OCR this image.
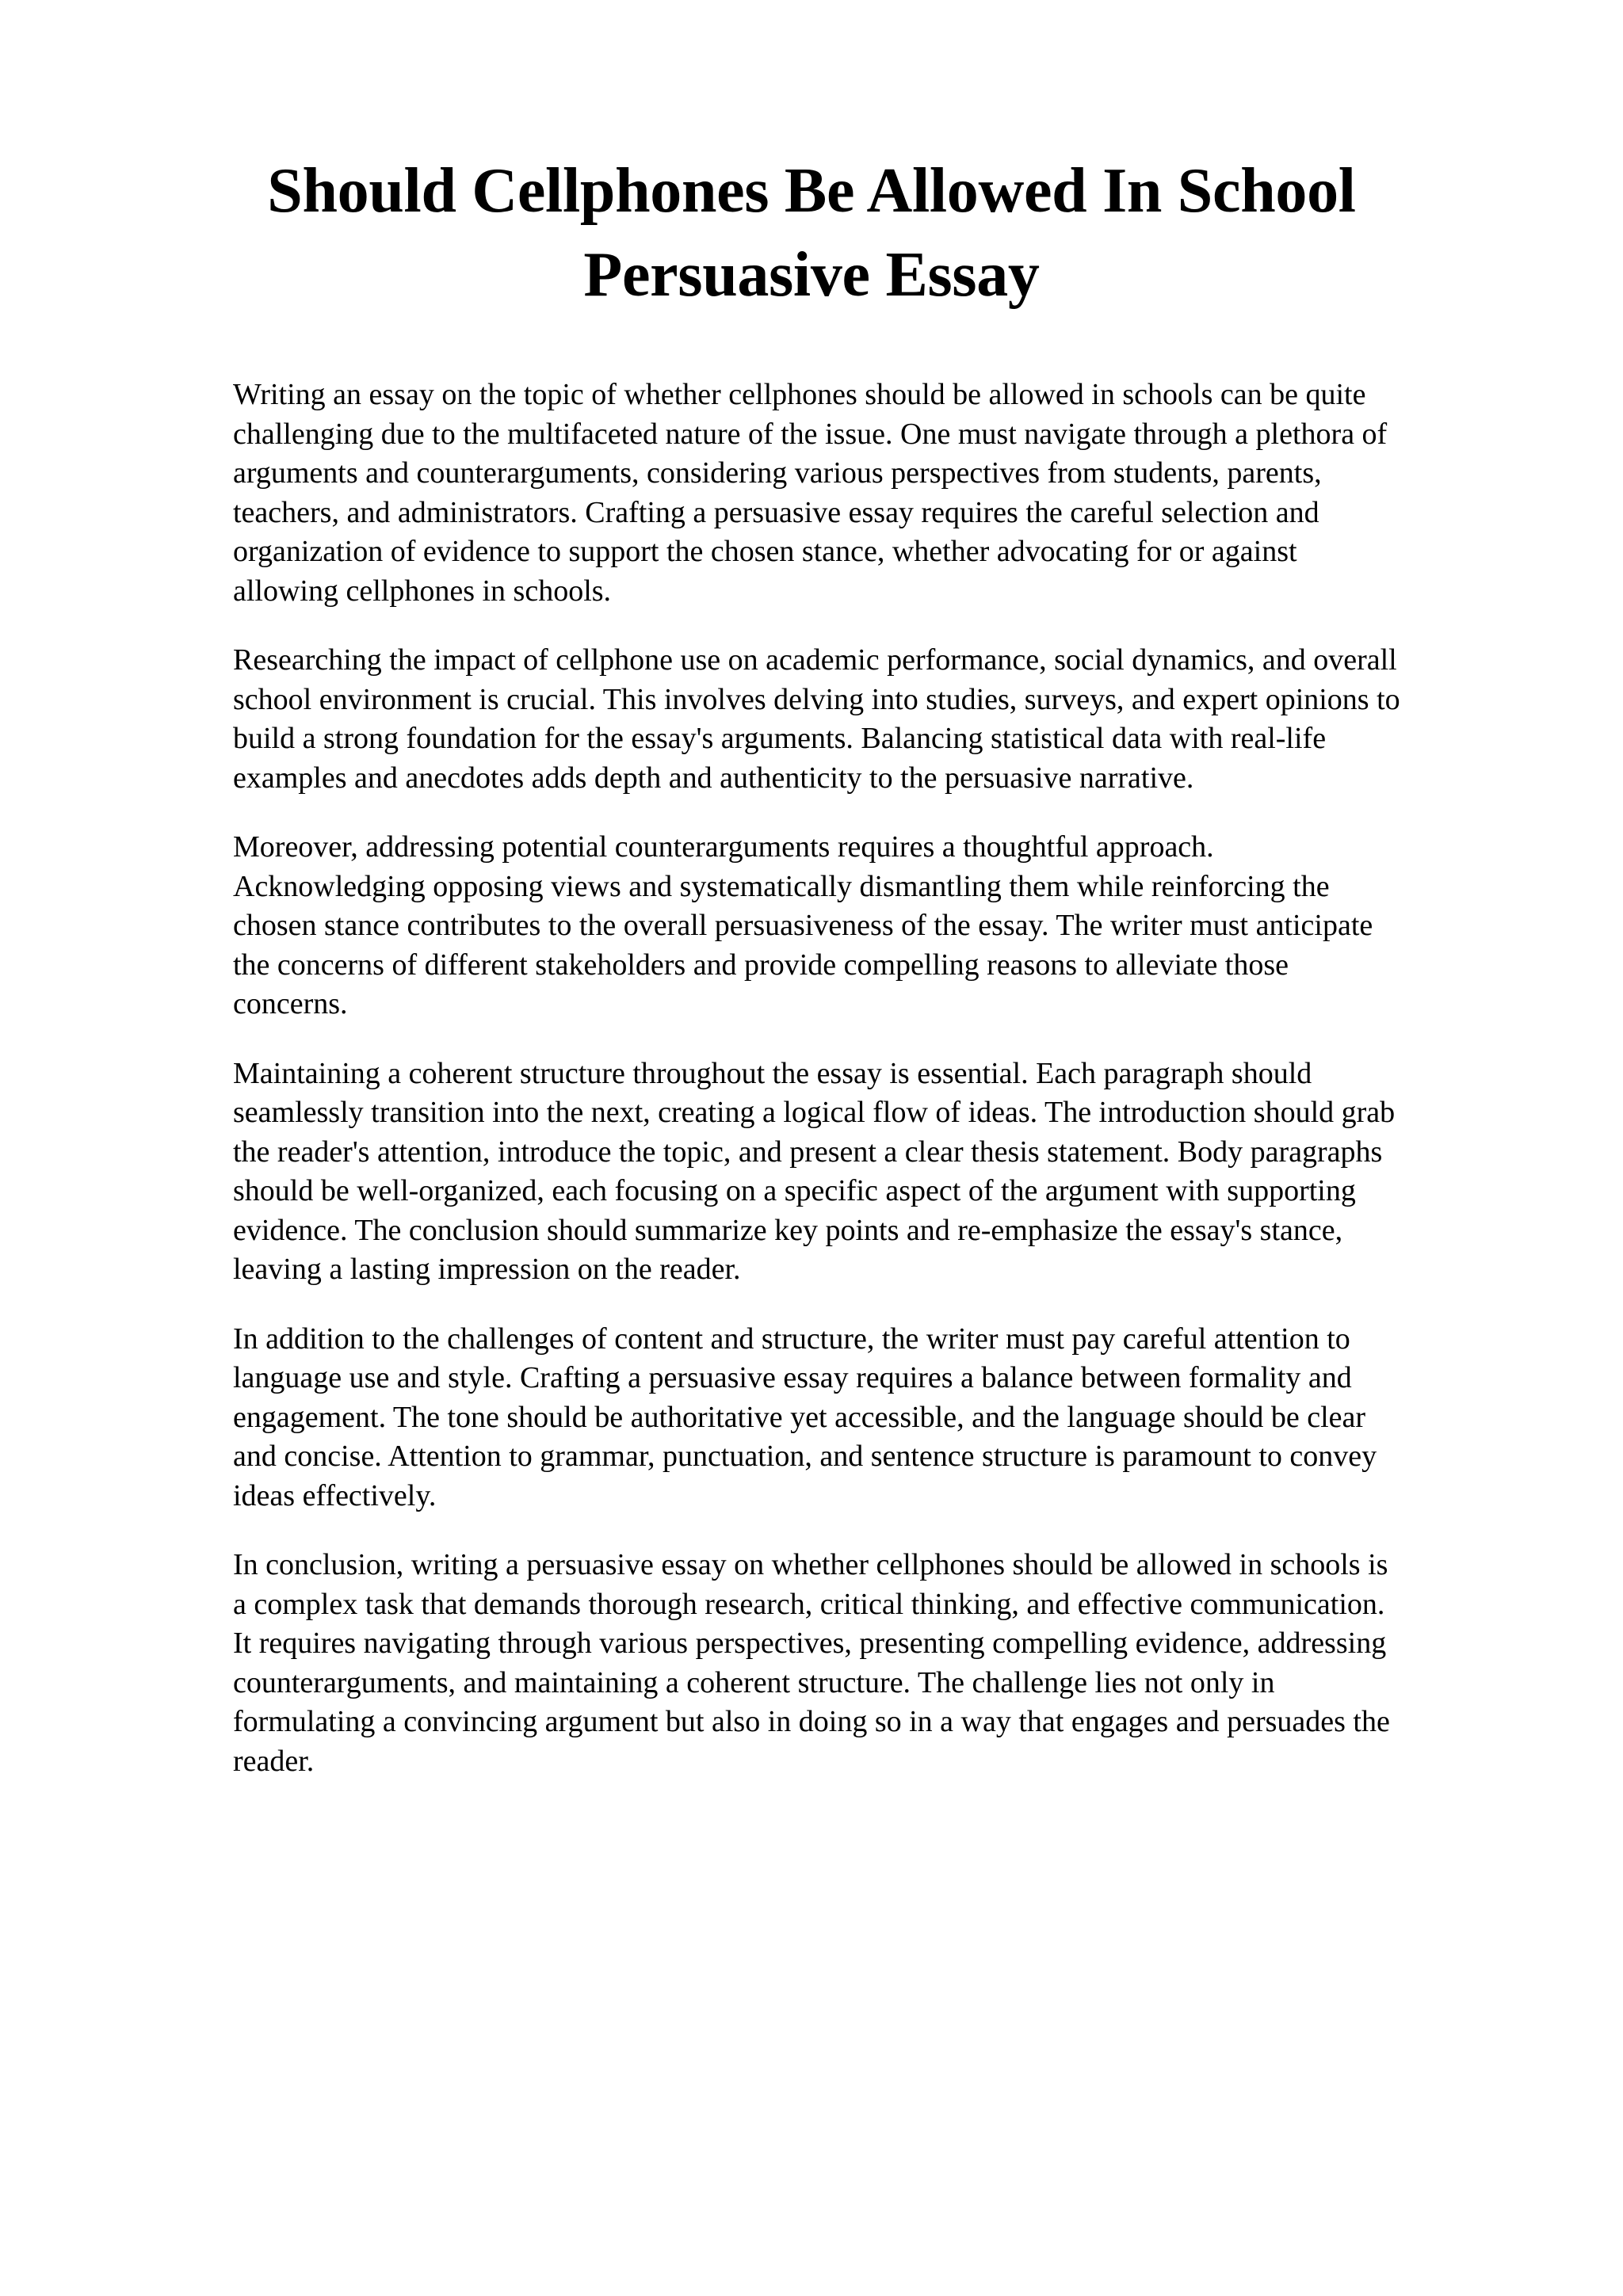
Should Cellphones Be Allowed In School
Persuasive Essay

Writing an essay on the topic of whether cellphones should be allowed in schools can be quite
challenging due to the multifaceted nature of the issue. One must navigate through a plethora of
arguments and counterarguments, considering various perspectives from students, parents,
teachers, and administrators. Crafting a persuasive essay requires the careful selection and
organization of evidence to support the chosen stance, whether advocating for or against
allowing cellphones in schools.

Researching the impact of cellphone use on academic performance, social dynamics, and overall
school environment is crucial. This involves delving into studies, surveys, and expert opinions to
build a strong foundation for the essay's arguments. Balancing statistical data with real-life
examples and anecdotes adds depth and authenticity to the persuasive narrative.

Moreover, addressing potential counterarguments requires a thoughtful approach.
Acknowledging opposing views and systematically dismantling them while reinforcing the
chosen stance contributes to the overall persuasiveness of the essay. The writer must anticipate
the concerns of different stakeholders and provide compelling reasons to alleviate those
concerns.

Maintaining a coherent structure throughout the essay is essential. Each paragraph should
seamlessly transition into the next, creating a logical flow of ideas. The introduction should grab
the reader's attention, introduce the topic, and present a clear thesis statement. Body paragraphs
should be well-organized, each focusing on a specific aspect of the argument with supporting
evidence. The conclusion should summarize key points and re-emphasize the essay's stance,
leaving a lasting impression on the reader.

In addition to the challenges of content and structure, the writer must pay careful attention to
language use and style. Crafting a persuasive essay requires a balance between formality and
engagement. The tone should be authoritative yet accessible, and the language should be clear
and concise. Attention to grammar, punctuation, and sentence structure is paramount to convey
ideas effectively.

In conclusion, writing a persuasive essay on whether cellphones should be allowed in schools is
a complex task that demands thorough research, critical thinking, and effective communication.
It requires navigating through various perspectives, presenting compelling evidence, addressing
counterarguments, and maintaining a coherent structure. The challenge lies not only in
formulating a convincing argument but also in doing so in a way that engages and persuades the
reader.
